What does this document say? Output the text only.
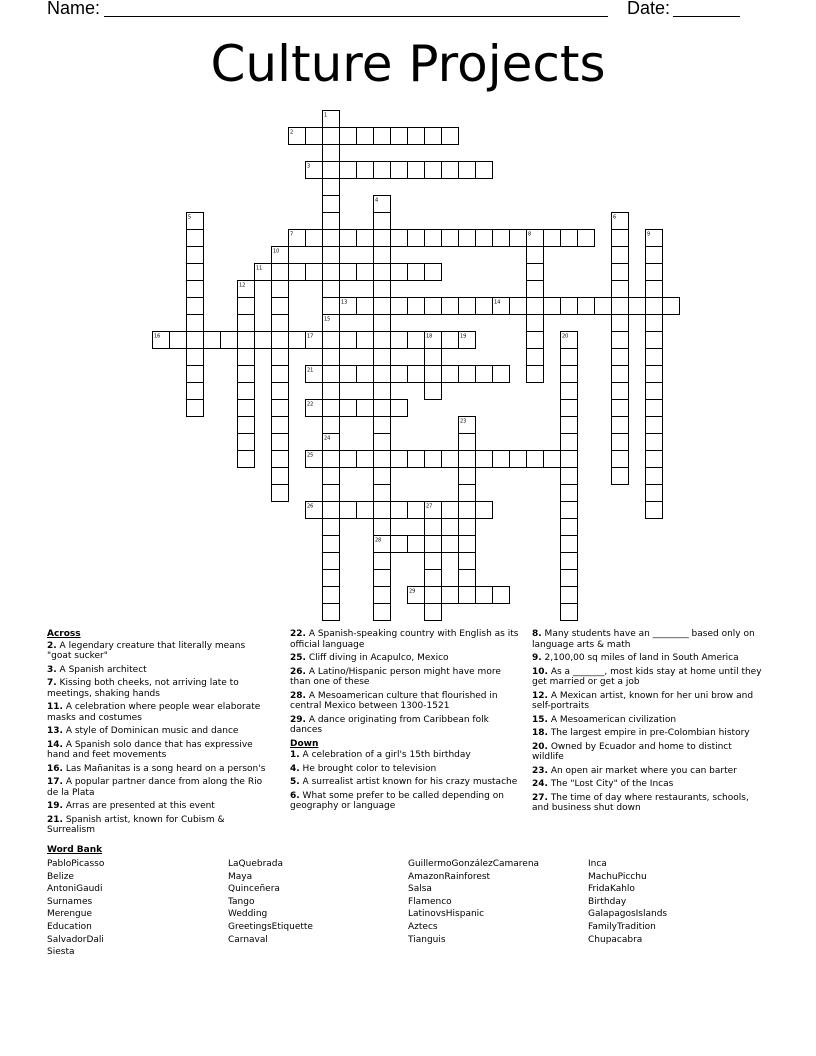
Name:	Date:
Culture Projects
1
15
24
2
3
4
28
5	6
7	8	9
10
11
12
13	14
16	17	18	19	20
21
22
23
25
26	27
29
Across
2. A legendary creature that literally means "goat sucker"
3. A Spanish architect
7. Kissing both cheeks, not arriving late to meetings, shaking hands
11. A celebration where people wear elaborate masks and costumes
13. A style of Dominican music and dance
14. A Spanish solo dance that has expressive hand and feet movements
16. Las Mañanitas is a song heard on a person's
17. A popular partner dance from along the Rio de la Plata
19. Arras are presented at this event
21. Spanish artist, known for Cubism & Surrealism
22. A Spanish-speaking country with English as its official language
25. Cliff diving in Acapulco, Mexico
26. A Latino/Hispanic person might have more than one of these
28. A Mesoamerican culture that flourished in central Mexico between 1300-1521
29. A dance originating from Caribbean folk dances
Down
1. A celebration of a girl's 15th birthday
4. He brought color to television
5. A surrealist artist known for his crazy mustache
6. What some prefer to be called depending on geography or language
8. Many students have an ________ based only on language arts & math
9. 2,100,00 sq miles of land in South America
10. As a _______, most kids stay at home until they get married or get a job
12. A Mexican artist, known for her uni brow and self-portraits
15. A Mesoamerican civilization
18. The largest empire in pre-Colombian history
20. Owned by Ecuador and home to distinct wildlife
23. An open air market where you can barter
24. The "Lost City" of the Incas
27. The time of day where restaurants, schools, and business shut down
Word Bank
PabloPicasso
Belize
AntoniGaudi
Surnames
Merengue
Education
SalvadorDali
Siesta
LaQuebrada
Maya
Quinceñera
Tango
Wedding
GreetingsEtiquette
Carnaval
GuillermoGonzálezCamarena
AmazonRainforest
Salsa
Flamenco
LatinovsHispanic
Aztecs
Tianguis
Inca
MachuPicchu
FridaKahlo
Birthday
GalapagosIslands
FamilyTradition
Chupacabra
